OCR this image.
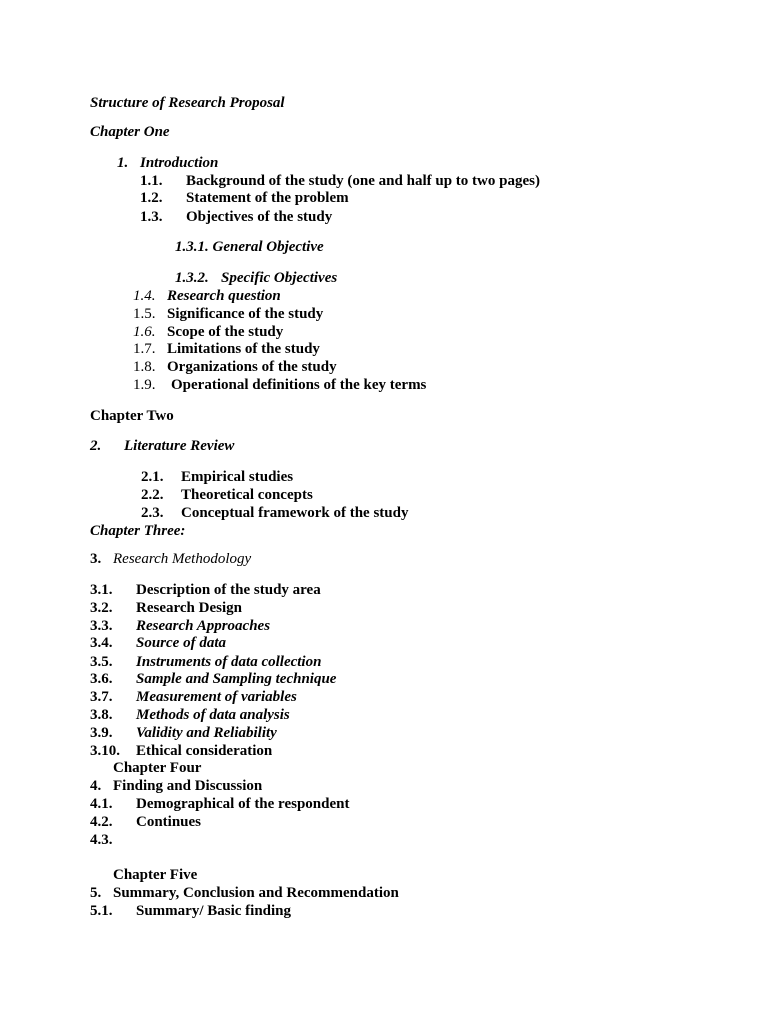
Structure of Research Proposal
Chapter One
1. Introduction
1.1. Background of the study (one and half up to two pages)
1.2. Statement of the problem
1.3. Objectives of the study
1.3.1. General Objective
1.3.2. Specific Objectives
1.4. Research question
1.5. Significance of the study
1.6. Scope of the study
1.7. Limitations of the study
1.8. Organizations of the study
1.9. Operational definitions of the key terms
Chapter Two
2. Literature Review
2.1. Empirical studies
2.2. Theoretical concepts
2.3. Conceptual framework of the study
Chapter Three:
3. Research Methodology
3.1. Description of the study area
3.2. Research Design
3.3. Research Approaches
3.4. Source of data
3.5. Instruments of data collection
3.6. Sample and Sampling technique
3.7. Measurement of variables
3.8. Methods of data analysis
3.9. Validity and Reliability
3.10. Ethical consideration
Chapter Four
4. Finding and Discussion
4.1. Demographical of the respondent
4.2. Continues
4.3.
Chapter Five
5. Summary, Conclusion and Recommendation
5.1. Summary/ Basic finding
